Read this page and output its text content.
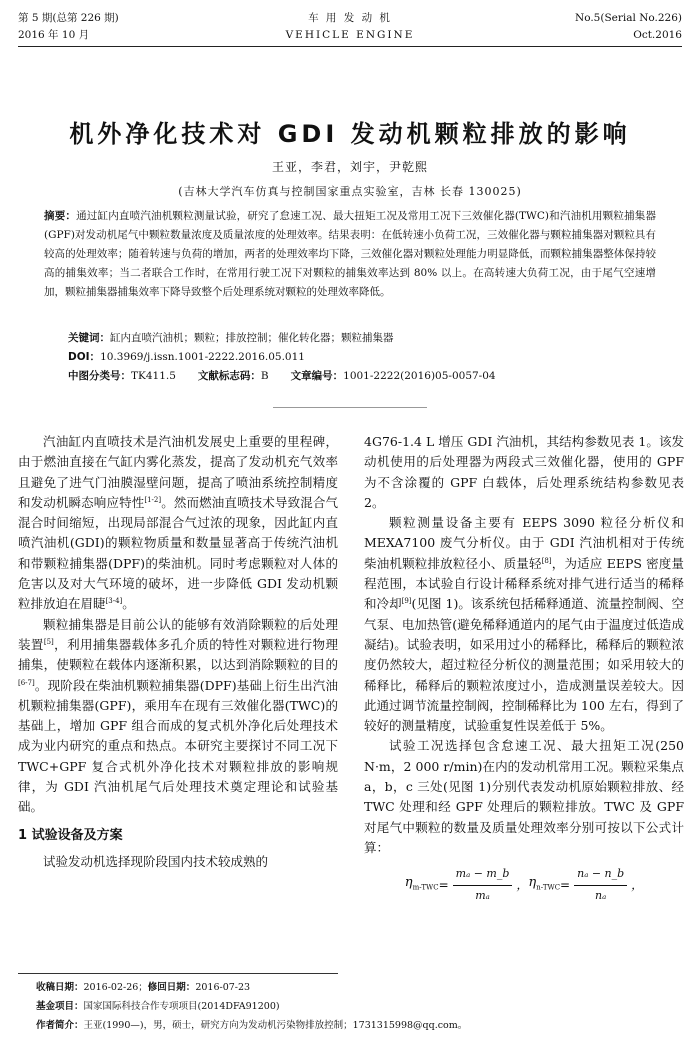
第 5 期(总第 226 期)
2016 年 10 月
车 用 发 动 机
VEHICLE ENGINE
No.5(Serial No.226)
Oct.2016
机外净化技术对 GDI 发动机颗粒排放的影响
王亚，李君，刘宇，尹乾熙
(吉林大学汽车仿真与控制国家重点实验室，吉林 长春 130025)
摘要：通过缸内直喷汽油机颗粒测量试验，研究了怠速工况、最大扭矩工况及常用工况下三效催化器(TWC)和汽油机用颗粒捕集器(GPF)对发动机尾气中颗粒数量浓度及质量浓度的处理效率。结果表明：在低转速小负荷工况，三效催化器与颗粒捕集器对颗粒具有较高的处理效率；随着转速与负荷的增加，两者的处理效率均下降，三效催化器对颗粒处理能力明显降低，而颗粒捕集器整体保持较高的捕集效率；当二者联合工作时，在常用行驶工况下对颗粒的捕集效率达到 80% 以上。在高转速大负荷工况，由于尾气空速增加，颗粒捕集器捕集效率下降导致整个后处理系统对颗粒的处理效率降低。
关键词：缸内直喷汽油机；颗粒；排放控制；催化转化器；颗粒捕集器
DOI：10.3969/j.issn.1001-2222.2016.05.011
中图分类号：TK411.5 文献标志码：B 文章编号：1001-2222(2016)05-0057-04

汽油缸内直喷技术是汽油机发展史上重要的里程碑，由于燃油直接在气缸内雾化蒸发，提高了发动机充气效率且避免了进气门油膜湿壁问题，提高了喷油系统控制精度和发动机瞬态响应特性[1-2]。然而燃油直喷技术导致混合气混合时间缩短，出现局部混合气过浓的现象，因此缸内直喷汽油机(GDI)的颗粒物质量和数量显著高于传统汽油机和带颗粒捕集器(DPF)的柴油机。同时考虑颗粒对人体的危害以及对大气环境的破坏，进一步降低 GDI 发动机颗粒排放迫在眉睫[3-4]。

颗粒捕集器是目前公认的能够有效消除颗粒的后处理装置[5]，利用捕集器载体多孔介质的特性对颗粒进行物理捕集，使颗粒在载体内逐渐积累，以达到消除颗粒的目的[6-7]。现阶段在柴油机颗粒捕集器(DPF)基础上衍生出汽油机颗粒捕集器(GPF)，乘用车在现有三效催化器(TWC)的基础上，增加 GPF 组合而成的复式机外净化后处理技术成为业内研究的重点和热点。本研究主要探讨不同工况下 TWC+GPF 复合式机外净化技术对颗粒排放的影响规律，为 GDI 汽油机尾气后处理技术奠定理论和试验基础。

1 试验设备及方案

试验发动机选择现阶段国内技术较成熟的

4G76-1.4 L 增压 GDI 汽油机，其结构参数见表 1。该发动机使用的后处理器为两段式三效催化器，使用的 GPF 为不含涂覆的 GPF 白载体，后处理系统结构参数见表 2。

颗粒测量设备主要有 EEPS 3090 粒径分析仪和 MEXA7100 废气分析仪。由于 GDI 汽油机相对于传统柴油机颗粒排放粒径小、质量轻[8]，为适应 EEPS 密度量程范围，本试验自行设计稀释系统对排气进行适当的稀释和冷却[9](见图 1)。该系统包括稀释通道、流量控制阀、空气泵、电加热管(避免稀释通道内的尾气由于温度过低造成凝结)。试验表明，如采用过小的稀释比，稀释后的颗粒浓度仍然较大，超过粒径分析仪的测量范围；如采用较大的稀释比，稀释后的颗粒浓度过小，造成测量误差较大。因此通过调节流量控制阀，控制稀释比为 100 左右，得到了较好的测量精度，试验重复性误差低于 5%。

试验工况选择包含怠速工况、最大扭矩工况(250 N·m，2 000 r/min)在内的发动机常用工况。颗粒采集点 a，b，c 三处(见图 1)分别代表发动机原始颗粒排放、经 TWC 处理和经 GPF 处理后的颗粒排放。TWC 及 GPF 对尾气中颗粒的数量及质量处理效率分别可按以下公式计算：

$\eta_{m-TWC} = \frac{\text{mₐ − m\_b}}{\text{mₐ}}$ ， $\eta_{n-TWC} = \frac{\text{nₐ − n\_b}}{\text{nₐ}}$ ，
收稿日期：2016-02-26；修回日期：2016-07-23
基金项目：国家国际科技合作专项项目(2014DFA91200)
作者简介：王亚(1990—)，男，硕士，研究方向为发动机污染物排放控制；1731315998@qq.com。
